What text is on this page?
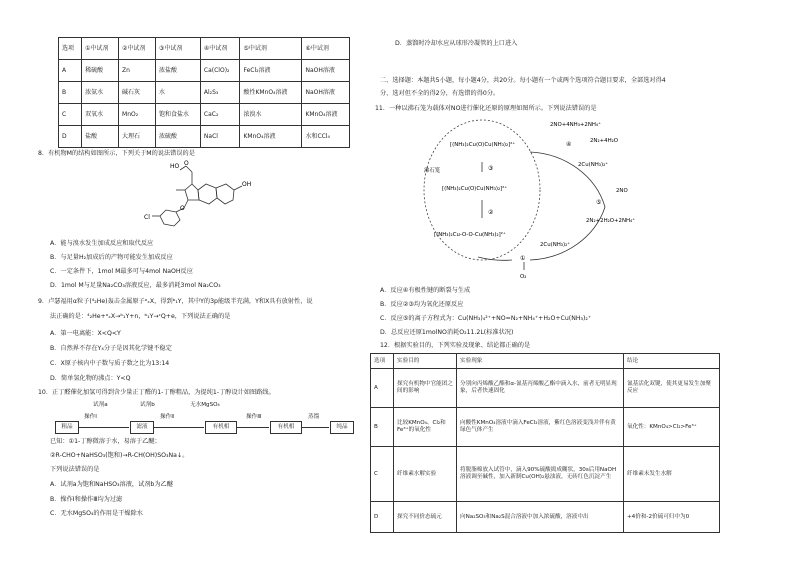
选项	①中试剂	②中试剂	③中试剂	④中试剂	⑤中试剂	⑥中试剂
A	稀硫酸	Zn	浓盐酸	Ca(ClO)₂	FeCl₂溶液	NaOH溶液
B	浓氨水	碱石灰	水	Al₂S₃	酸性KMnO₄溶液	NaOH溶液
C	双氧水	MnO₂	饱和食盐水	CaC₂	浓溴水	KMnO₄溶液
D	盐酸	大理石	浓硫酸	NaCl	KMnO₄溶液	水和CCl₄
8．有机物M的结构如图所示，下列关于M的说法错误的是
HO O
OH
Cl
O
A．能与溴水发生加成反应和取代反应
B．与足量H₂加成后的产物可能发生加成反应
C．一定条件下，1mol M最多可与4mol NaOH反应
D．1mol M与足量Na₂CO₃溶液反应，最多消耗3mol Na₂CO₃
9．卢瑟福用α粒子(⁴₂He)轰击金属原子ᵃₓX，得到ᵇ₁Y，其中Y的3p能级半充满，Y和X具有放射性，说
法正确的是：⁴₂He+ᵃₓX→ᵇ₁Y+n，ᵇ₁Y→ᶜQ+e，下列说法正确的是
A．第一电离能：X<Q<Y
B．自然界不存在Y₄分子是因其化学键不稳定
C．X原子核内中子数与质子数之比为13:14
D．简单氢化物的沸点：Y<Q
10．正丁醛催化加氢可得到含少量正丁醛的1-丁醇粗品，为提纯1-丁醇设计如图路线。
试剂a	试剂b	无水MgSO₄
操作Ⅰ	操作Ⅱ	操作Ⅲ	蒸馏
粗品	滤液	有机相	有机相	纯品
已知：①1-丁醇微溶于水，易溶于乙醚；
②R-CHO+NaHSO₃(饱和)→R-CH(OH)SO₃Na↓。
下列说法错误的是
A．试剂a为饱和NaHSO₃溶液，试剂b为乙醚
B．操作Ⅰ和操作Ⅲ均为过滤
C．无水MgSO₄的作用是干燥除水
D．蒸馏时冷却水应从球形冷凝管的上口进入
二、选择题：本题共5小题，每小题4分，共20分。每小题有一个或两个选项符合题目要求，全部选对得4
分，选对但不全的得2分，有选错的得0分。
11．一种以沸石笼为载体对NO进行催化还原的原理如图所示。下列说法错误的是
[(NH₃)₂Cu⟨O⟩Cu(NH₃)₂]²⁺
[(NH₃)₂Cu⟨O⟩Cu(NH₃)₂]²⁺
[(NH₃)₂Cu-O-O-Cu(NH₃)₂]²⁺
沸石笼
2NO+4NH₃+2NH₄⁺
2N₂+4H₂O
2Cu(NH₃)₂⁺
2NO
2N₂+2H₂O+2NH₄⁺
2Cu(NH₃)₂⁺
O₂
③
②
①
④
⑤
A．反应④有极性键的断裂与生成
B．反应②③均为氧化还原反应
C．反应⑤的离子方程式为：Cu(NH₃)₄²⁺+NO=N₂+NH₄⁺+H₂O+Cu(NH₃)₂⁺
D．总反应还原1molNO消耗O₂11.2L(标准状况)
12．根据实验目的，下列实验及现象、结论都正确的是
选项	实验目的	实验现象	结论
A	探究有机物中官能团之间的影响	分别向丙烯酸乙酯和α-氰基丙烯酸乙酯中滴入水，前者无明显现象，后者快速固化	氰基活化双键，使其更易发生加聚反应
B	比较KMnO₄、Cl₂和Fe³⁺的氧化性	向酸性KMnO₄溶液中滴入FeCl₂溶液，紫红色溶液变浅并伴有黄绿色气体产生	氧化性：KMnO₄>Cl₂>Fe³⁺
C	纤维素水解实验	将脱脂棉放入试管中，滴入90%硫酸捣成糊状，30s后用NaOH溶液调至碱性，加入新制Cu(OH)₂悬浊液，无砖红色沉淀产生	纤维素未发生水解
D	探究不同价态硫元	向Na₂SO₃和Na₂S混合溶液中加入浓硫酸，溶液中出	+4价和-2价硫可归中为0
